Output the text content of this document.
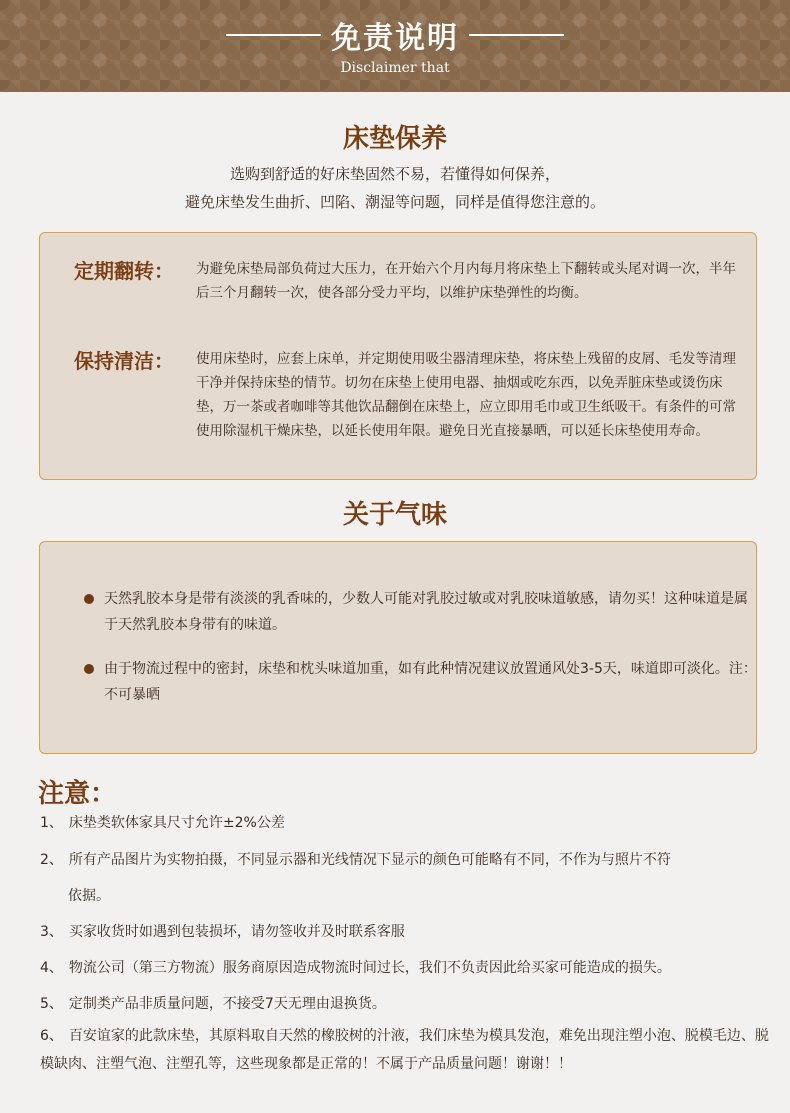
免责说明
Disclaimer that
床垫保养
选购到舒适的好床垫固然不易，若懂得如何保养，
避免床垫发生曲折、凹陷、潮湿等问题，同样是值得您注意的。
定期翻转： 为避免床垫局部负荷过大压力，在开始六个月内每月将床垫上下翻转或头尾对调一次，半年后三个月翻转一次，使各部分受力平均，以维护床垫弹性的均衡。
保持清洁： 使用床垫时，应套上床单，并定期使用吸尘器清理床垫，将床垫上残留的皮屑、毛发等清理干净并保持床垫的情节。切勿在床垫上使用电器、抽烟或吃东西，以免弄脏床垫或烫伤床垫，万一茶或者咖啡等其他饮品翻倒在床垫上，应立即用毛巾或卫生纸吸干。有条件的可常使用除湿机干燥床垫，以延长使用年限。避免日光直接暴晒，可以延长床垫使用寿命。
关于气味
天然乳胶本身是带有淡淡的乳香味的，少数人可能对乳胶过敏或对乳胶味道敏感，请勿买！这种味道是属于天然乳胶本身带有的味道。
由于物流过程中的密封，床垫和枕头味道加重，如有此种情况建议放置通风处3-5天，味道即可淡化。注：不可暴晒
注意：
1、 床垫类软体家具尺寸允许±2%公差
2、 所有产品图片为实物拍摄，不同显示器和光线情况下显示的颜色可能略有不同，不作为与照片不符
依据。
3、 买家收货时如遇到包装损坏，请勿签收并及时联系客服
4、 物流公司（第三方物流）服务商原因造成物流时间过长，我们不负责因此给买家可能造成的损失。
5、 定制类产品非质量问题，不接受7天无理由退换货。
6、 百安谊家的此款床垫，其原料取自天然的橡胶树的汁液，我们床垫为模具发泡，难免出现注塑小泡、脱模毛边、脱模缺肉、注塑气泡、注塑孔等，这些现象都是正常的！不属于产品质量问题！谢谢！！
